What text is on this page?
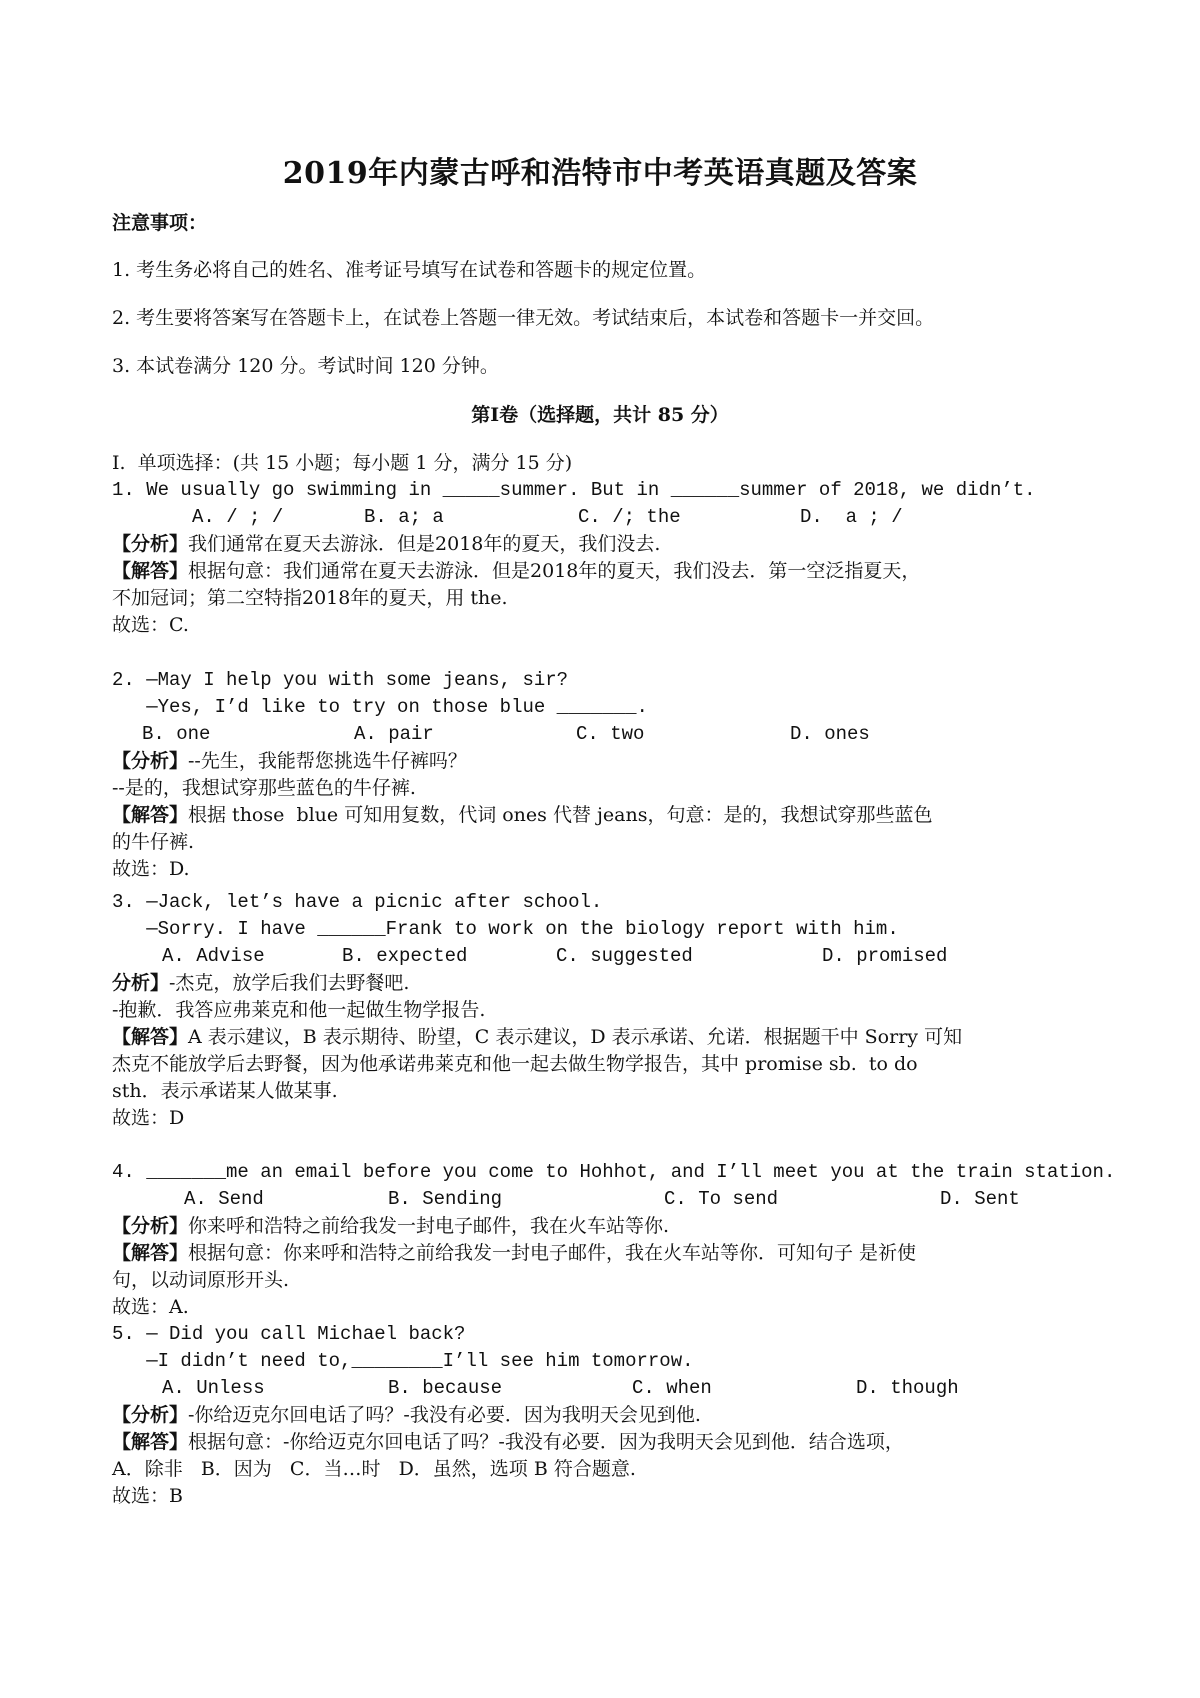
2019年内蒙古呼和浩特市中考英语真题及答案
注意事项：
1. 考生务必将自己的姓名、准考证号填写在试卷和答题卡的规定位置。
2. 考生要将答案写在答题卡上，在试卷上答题一律无效。考试结束后，本试卷和答题卡一并交回。
3. 本试卷满分 120 分。考试时间 120 分钟。
第Ⅰ卷（选择题，共计 85 分）
I.  单项选择：(共 15 小题；每小题 1 分，满分 15 分)
1. We usually go swimming in _____summer. But in ______summer of 2018, we didn’t.
A. / ; /	B. a; a	C. /; the	D.  a ; /
【分析】我们通常在夏天去游泳．但是2018年的夏天，我们没去.
【解答】根据句意：我们通常在夏天去游泳．但是2018年的夏天，我们没去．第一空泛指夏天，
不加冠词；第二空特指2018年的夏天，用 the.
故选：C.
2. —May I help you with some jeans, sir?
—Yes, I’d like to try on those blue _______.
B. one	A. pair	C. two	D. ones
【分析】--先生，我能帮您挑选牛仔裤吗？
--是的，我想试穿那些蓝色的牛仔裤.
【解答】根据 those  blue 可知用复数，代词 ones 代替 jeans，句意：是的，我想试穿那些蓝色
的牛仔裤.
故选：D.
3. —Jack, let’s have a picnic after school.
—Sorry. I have ______Frank to work on the biology report with him.
A. Advise	B. expected	C. suggested	D. promised
分析】-杰克，放学后我们去野餐吧.
-抱歉．我答应弗莱克和他一起做生物学报告.
【解答】A 表示建议，B 表示期待、盼望，C 表示建议，D 表示承诺、允诺．根据题干中 Sorry 可知
杰克不能放学后去野餐，因为他承诺弗莱克和他一起去做生物学报告，其中 promise sb.  to do
sth．表示承诺某人做某事.
故选：D
4. _______me an email before you come to Hohhot, and I’ll meet you at the train station.
A. Send	B. Sending	C. To send	D. Sent
【分析】你来呼和浩特之前给我发一封电子邮件，我在火车站等你.
【解答】根据句意：你来呼和浩特之前给我发一封电子邮件，我在火车站等你．可知句子 是祈使
句，以动词原形开头.
故选：A.
5. — Did you call Michael back?
—I didn’t need to,________I’ll see him tomorrow.
A. Unless	B. because	C. when	D. though
【分析】-你给迈克尔回电话了吗？-我没有必要．因为我明天会见到他.
【解答】根据句意：-你给迈克尔回电话了吗？-我没有必要．因为我明天会见到他．结合选项，
A．除非   B．因为   C．当…时   D．虽然，选项 B 符合题意.
故选：B
